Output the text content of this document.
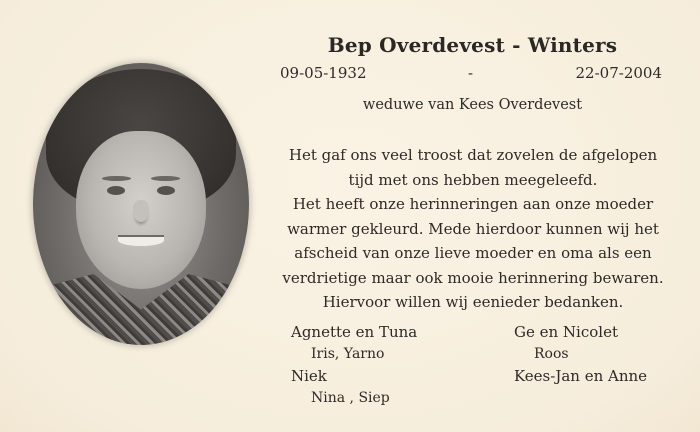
Bep Overdevest - Winters
09-05-1932	-	22-07-2004
weduwe van Kees Overdevest
Het gaf ons veel troost dat zovelen de afgelopen
tijd met ons hebben meegeleefd.
Het heeft onze herinneringen aan onze moeder
warmer gekleurd. Mede hierdoor kunnen wij het
afscheid van onze lieve moeder en oma als een
verdrietige maar ook mooie herinnering bewaren.
Hiervoor willen wij eenieder bedanken.
Agnette en Tuna
Iris, Yarno
Niek
Nina , Siep
Ge en Nicolet
Roos
Kees-Jan en Anne
